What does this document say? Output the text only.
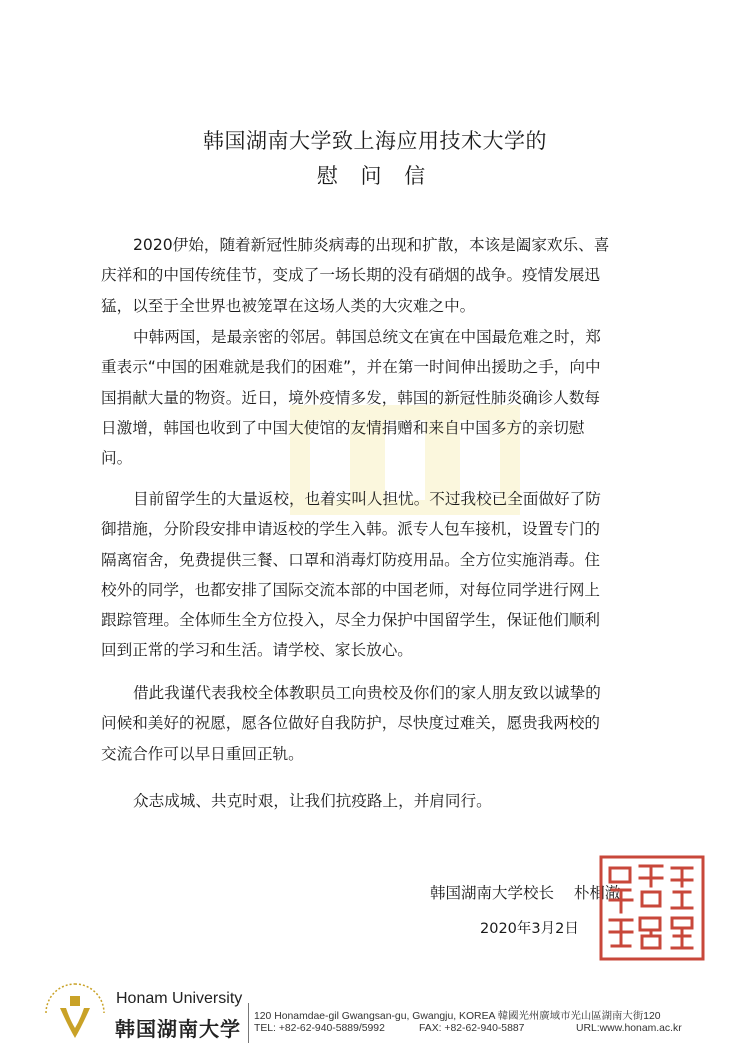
韩国湖南大学致上海应用技术大学的
慰 问 信
2020伊始，随着新冠性肺炎病毒的出现和扩散，本该是阖家欢乐、喜
庆祥和的中国传统佳节，变成了一场长期的没有硝烟的战争。疫情发展迅
猛，以至于全世界也被笼罩在这场人类的大灾难之中。
中韩两国，是最亲密的邻居。韩国总统文在寅在中国最危难之时，郑
重表示“中国的困难就是我们的困难”，并在第一时间伸出援助之手，向中
国捐献大量的物资。近日，境外疫情多发，韩国的新冠性肺炎确诊人数每
日激增，韩国也收到了中国大使馆的友情捐赠和来自中国多方的亲切慰
问。
目前留学生的大量返校，也着实叫人担忧。不过我校已全面做好了防
御措施，分阶段安排申请返校的学生入韩。派专人包车接机，设置专门的
隔离宿舍，免费提供三餐、口罩和消毒灯防疫用品。全方位实施消毒。住
校外的同学，也都安排了国际交流本部的中国老师，对每位同学进行网上
跟踪管理。全体师生全方位投入，尽全力保护中国留学生，保证他们顺利
回到正常的学习和生活。请学校、家长放心。
借此我谨代表我校全体教职员工向贵校及你们的家人朋友致以诚挚的
问候和美好的祝愿，愿各位做好自我防护，尽快度过难关，愿贵我两校的
交流合作可以早日重回正轨。
众志成城、共克时艰，让我们抗疫路上，并肩同行。
韩国湖南大学校长 朴相澈
2020年3月2日
Honam University
韩国湖南大学
120 Honamdae-gil Gwangsan-gu, Gwangju, KOREA 韓國光州廣域市光山區湖南大街120
TEL: +82-62-940-5889/5992	FAX: +82-62-940-5887	URL:www.honam.ac.kr
